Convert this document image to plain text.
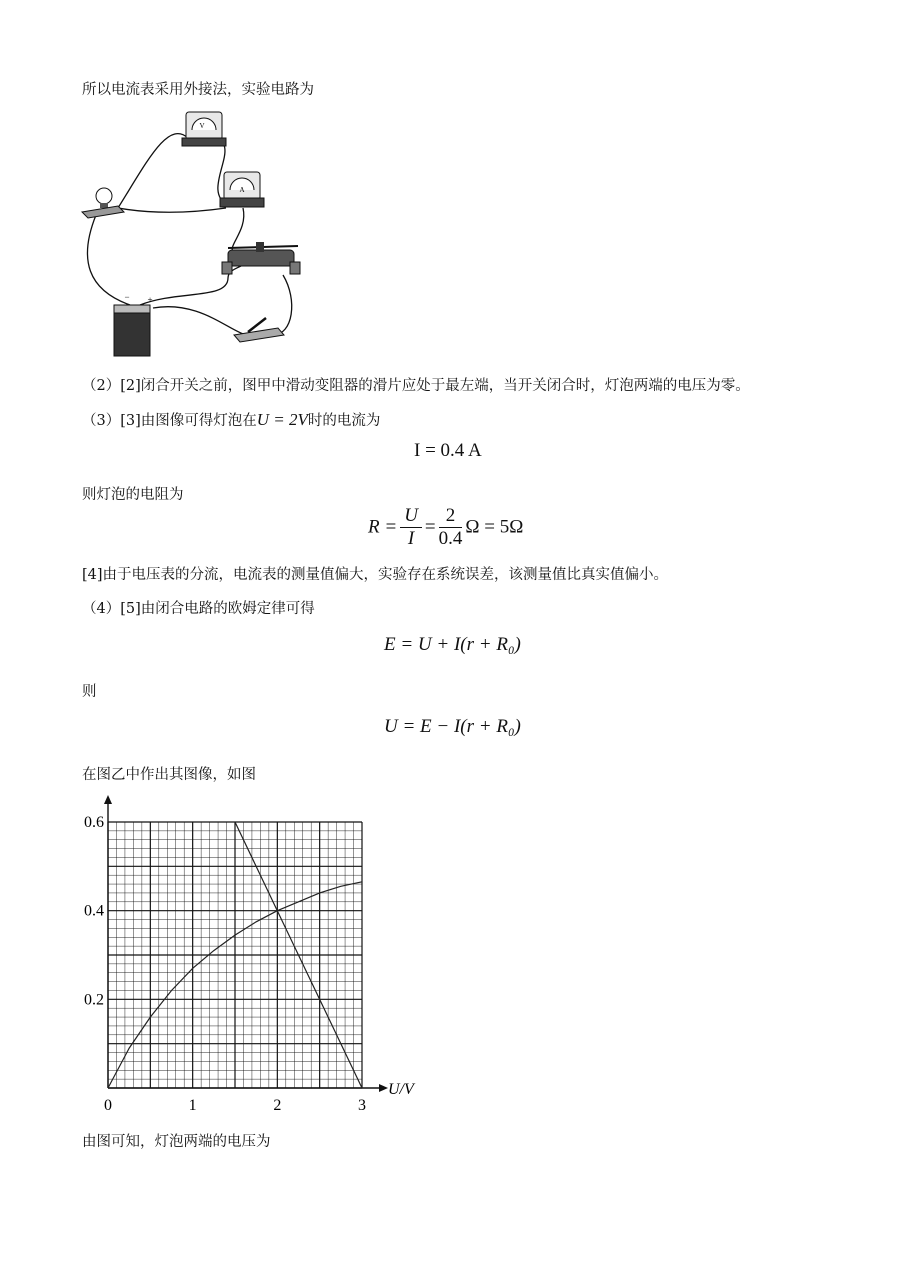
所以电流表采用外接法，实验电路为
V
A
− +
（2）[2]闭合开关之前，图甲中滑动变阻器的滑片应处于最左端，当开关闭合时，灯泡两端的电压为零。
（3）[3]由图像可得灯泡在U = 2V时的电流为
I = 0.4 A
则灯泡的电阻为
$R = \frac{U}{I} = \frac{2}{0.4}$ Ω = 5Ω
[4]由于电压表的分流，电流表的测量值偏大，实验存在系统误差，该测量值比真实值偏小。
（4）[5]由闭合电路的欧姆定律可得
E = U + I(r + R₀)
则
U = E − I(r + R₀)
在图乙中作出其图像，如图
0	1	2	3
0.2
0.4
0.6
U/V
由图可知，灯泡两端的电压为
